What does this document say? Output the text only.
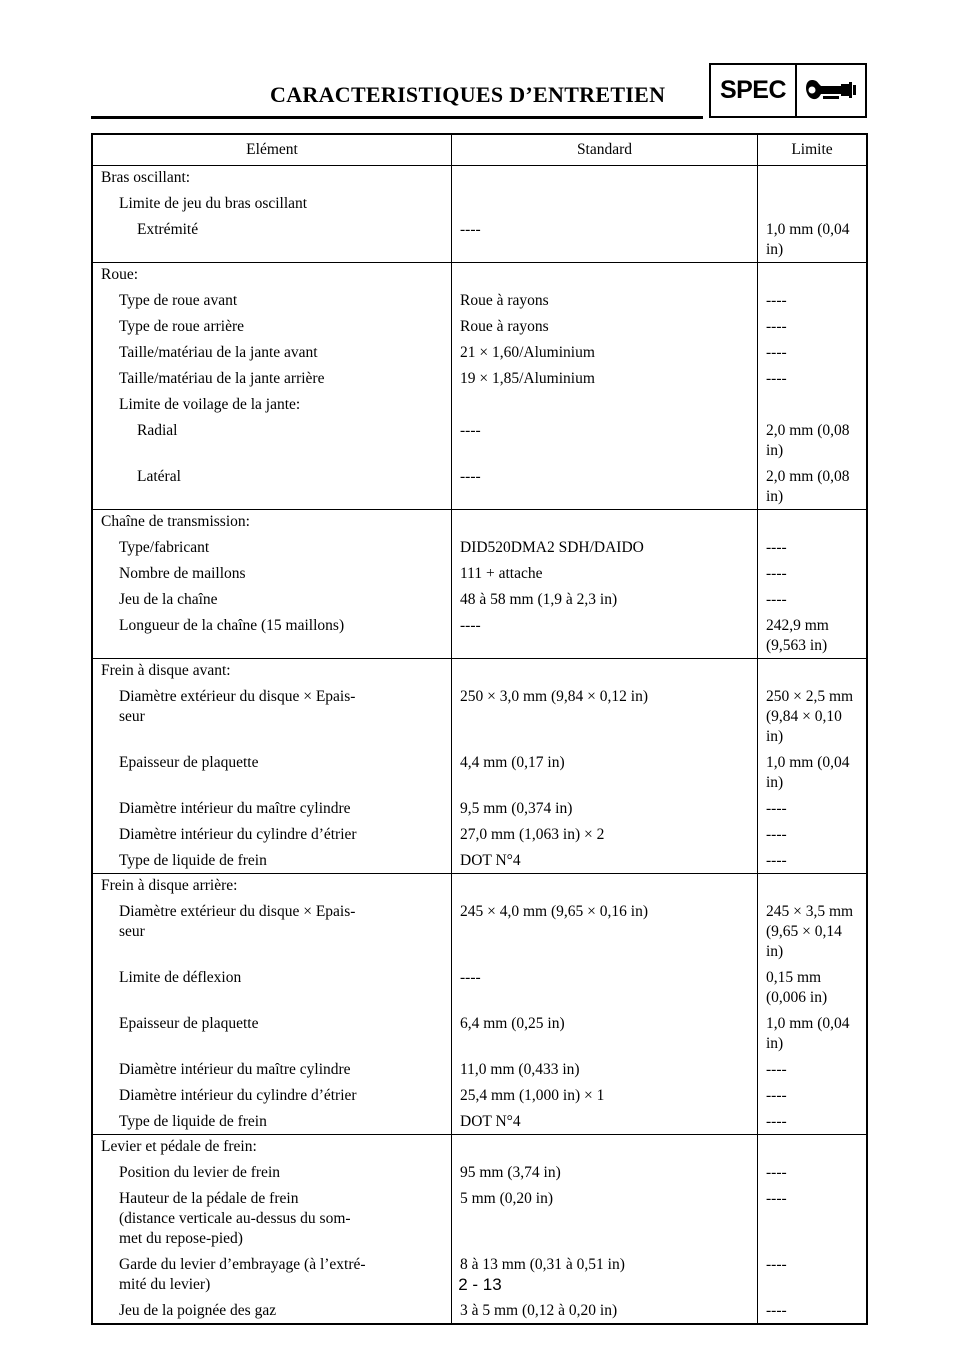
CARACTERISTIQUES D’ENTRETIEN	SPEC
Elément	Standard	Limite
Bras oscillant:		
Limite de jeu du bras oscillant		
Extrémité	----	1,0 mm (0,04 in)
Roue:		
Type de roue avant	Roue à rayons	----
Type de roue arrière	Roue à rayons	----
Taille/matériau de la jante avant	21 × 1,60/Aluminium	----
Taille/matériau de la jante arrière	19 × 1,85/Aluminium	----
Limite de voilage de la jante:		
Radial	----	2,0 mm (0,08 in)
Latéral	----	2,0 mm (0,08 in)
Chaîne de transmission:		
Type/fabricant	DID520DMA2 SDH/DAIDO	----
Nombre de maillons	111 + attache	----
Jeu de la chaîne	48 à 58 mm (1,9 à 2,3 in)	----
Longueur de la chaîne (15 maillons)	----	242,9 mm
(9,563 in)
Frein à disque avant:		
Diamètre extérieur du disque × Epais-
seur	250 × 3,0 mm (9,84 × 0,12 in)	250 × 2,5 mm
(9,84 × 0,10 in)
Epaisseur de plaquette	4,4 mm (0,17 in)	1,0 mm (0,04 in)
Diamètre intérieur du maître cylindre	9,5 mm (0,374 in)	----
Diamètre intérieur du cylindre d’étrier	27,0 mm (1,063 in) × 2	----
Type de liquide de frein	DOT N°4	----
Frein à disque arrière:		
Diamètre extérieur du disque × Epais-
seur	245 × 4,0 mm (9,65 × 0,16 in)	245 × 3,5 mm
(9,65 × 0,14 in)
Limite de déflexion	----	0,15 mm (0,006 in)
Epaisseur de plaquette	6,4 mm (0,25 in)	1,0 mm (0,04 in)
Diamètre intérieur du maître cylindre	11,0 mm (0,433 in)	----
Diamètre intérieur du cylindre d’étrier	25,4 mm (1,000 in) × 1	----
Type de liquide de frein	DOT N°4	----
Levier et pédale de frein:		
Position du levier de frein	95 mm (3,74 in)	----
Hauteur de la pédale de frein
(distance verticale au-dessus du som-
met du repose-pied)	5 mm (0,20 in)	----
Garde du levier d’embrayage (à l’extré-
mité du levier)	8 à 13 mm (0,31 à 0,51 in)	----
Jeu de la poignée des gaz	3 à 5 mm (0,12 à 0,20 in)	----
2 - 13
